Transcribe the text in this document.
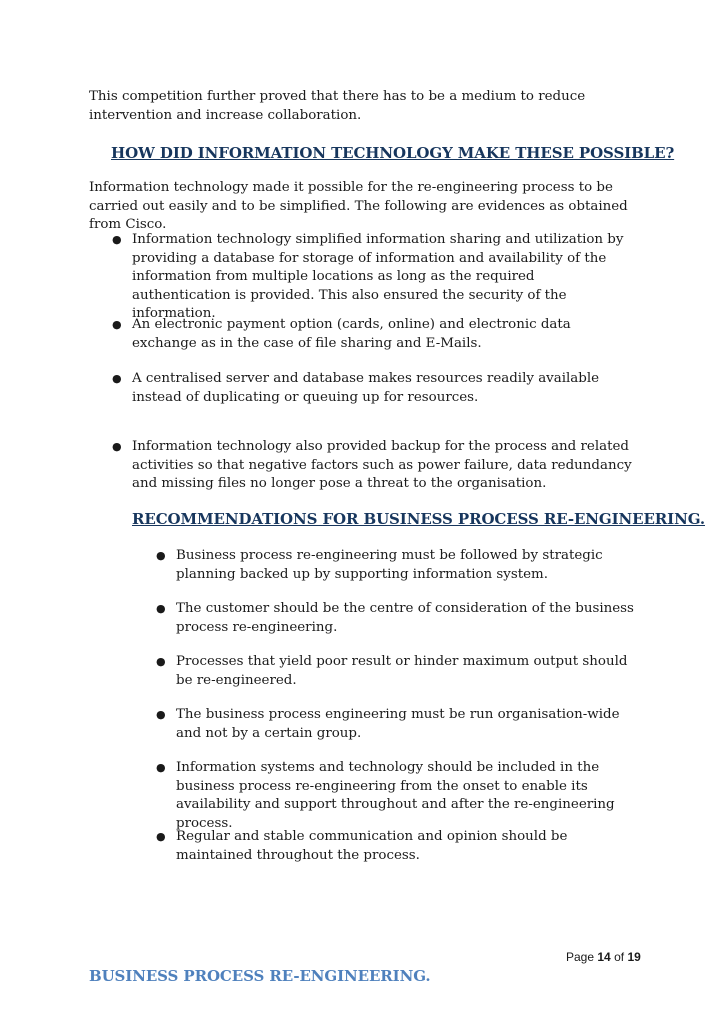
This competition further proved that there has to be a medium to reduce intervention and increase collaboration.

HOW DID INFORMATION TECHNOLOGY MAKE THESE POSSIBLE?

Information technology made it possible for the re-engineering process to be carried out easily and to be simplified. The following are evidences as obtained from Cisco.

● Information technology simplified information sharing and utilization by providing a database for storage of information and availability of the information from multiple locations as long as the required authentication is provided. This also ensured the security of the information.
● An electronic payment option (cards, online) and electronic data exchange as in the case of file sharing and E-Mails.
● A centralised server and database makes resources readily available instead of duplicating or queuing up for resources.
● Information technology also provided backup for the process and related activities so that negative factors such as power failure, data redundancy and missing files no longer pose a threat to the organisation.
RECOMMENDATIONS FOR BUSINESS PROCESS RE-ENGINEERING.
● Business process re-engineering must be followed by strategic planning backed up by supporting information system.
● The customer should be the centre of consideration of the business process re-engineering.
● Processes that yield poor result or hinder maximum output should be re-engineered.
● The business process engineering must be run organisation-wide and not by a certain group.
● Information systems and technology should be included in the business process re-engineering from the onset to enable its availability and support throughout and after the re-engineering process.
● Regular and stable communication and opinion should be maintained throughout the process.
Page 14 of 19
BUSINESS PROCESS RE-ENGINEERING.
